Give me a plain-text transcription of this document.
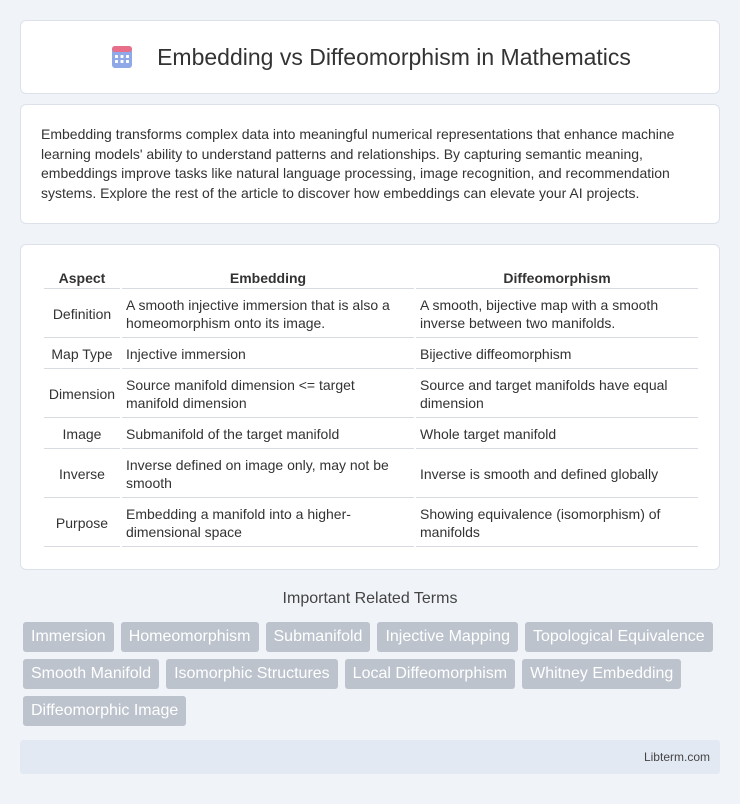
Embedding vs Diffeomorphism in Mathematics

Embedding transforms complex data into meaningful numerical representations that enhance machine learning models' ability to understand patterns and relationships. By capturing semantic meaning, embeddings improve tasks like natural language processing, image recognition, and recommendation systems. Explore the rest of the article to discover how embeddings can elevate your AI projects.

Aspect	Embedding	Diffeomorphism
Definition	A smooth injective immersion that is also a homeomorphism onto its image.	A smooth, bijective map with a smooth inverse between two manifolds.
Map Type	Injective immersion	Bijective diffeomorphism
Dimension	Source manifold dimension <= target manifold dimension	Source and target manifolds have equal dimension
Image	Submanifold of the target manifold	Whole target manifold
Inverse	Inverse defined on image only, may not be smooth	Inverse is smooth and defined globally
Purpose	Embedding a manifold into a higher-dimensional space	Showing equivalence (isomorphism) of manifolds
Important Related Terms
Immersion	Homeomorphism	Submanifold	Injective Mapping	Topological Equivalence
Smooth Manifold	Isomorphic Structures	Local Diffeomorphism	Whitney Embedding
Diffeomorphic Image
Libterm.com
